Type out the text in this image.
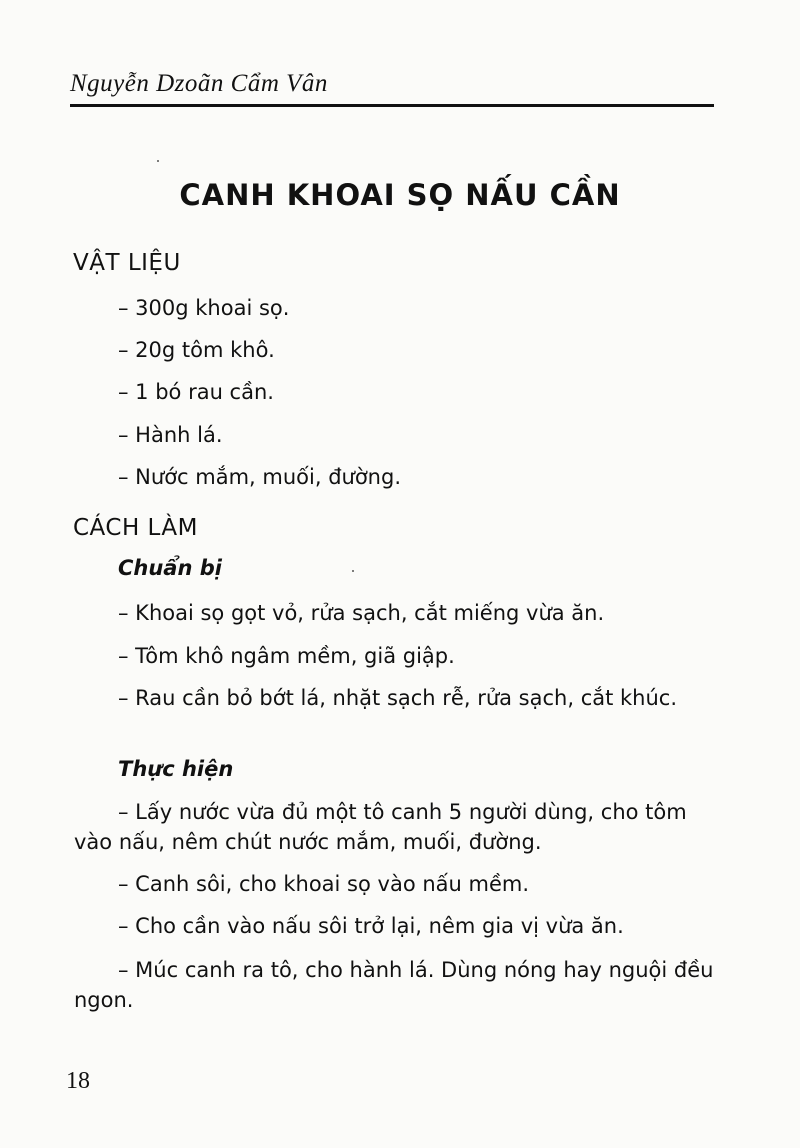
Nguyễn Dzoãn Cẩm Vân
CANH KHOAI SỌ NẤU CẦN
VẬT LIỆU
– 300g khoai sọ.
– 20g tôm khô.
– 1 bó rau cần.
– Hành lá.
– Nước mắm, muối, đường.
CÁCH LÀM
Chuẩn bị
– Khoai sọ gọt vỏ, rửa sạch, cắt miếng vừa ăn.
– Tôm khô ngâm mềm, giã giập.
– Rau cần bỏ bớt lá, nhặt sạch rễ, rửa sạch, cắt khúc.
Thực hiện
– Lấy nước vừa đủ một tô canh 5 người dùng, cho tôm vào nấu, nêm chút nước mắm, muối, đường.
– Canh sôi, cho khoai sọ vào nấu mềm.
– Cho cần vào nấu sôi trở lại, nêm gia vị vừa ăn.
– Múc canh ra tô, cho hành lá. Dùng nóng hay nguội đều ngon.
18
